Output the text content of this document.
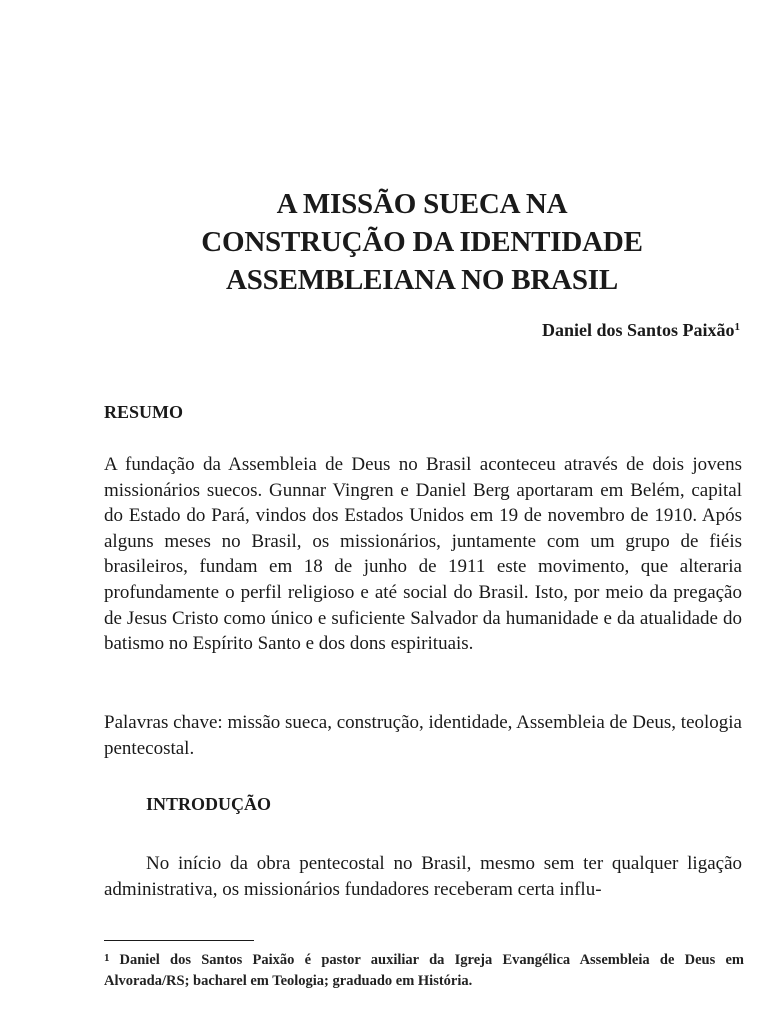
A MISSÃO SUECA NA
CONSTRUÇÃO DA IDENTIDADE
ASSEMBLEIANA NO BRASIL
Daniel dos Santos Paixão$^1$
RESUMO

A fundação da Assembleia de Deus no Brasil aconteceu através de dois jovens missionários suecos. Gunnar Vingren e Daniel Berg aportaram em Belém, capital do Estado do Pará, vindos dos Estados Unidos em 19 de novembro de 1910. Após alguns meses no Brasil, os missionários, juntamente com um grupo de fiéis brasileiros, fundam em 18 de junho de 1911 este movimento, que alteraria profundamente o perfil religioso e até social do Brasil. Isto, por meio da pregação de Jesus Cristo como único e suficiente Salvador da humanidade e da atualidade do batismo no Espírito Santo e dos dons espirituais.

Palavras chave: missão sueca, construção, identidade, Assembleia de Deus, teologia pentecostal.

INTRODUÇÃO

No início da obra pentecostal no Brasil, mesmo sem ter qualquer ligação administrativa, os missionários fundadores receberam certa influ-

$^1$ Daniel dos Santos Paixão é pastor auxiliar da Igreja Evangélica Assembleia de Deus em Alvorada/RS; bacharel em Teologia; graduado em História.
